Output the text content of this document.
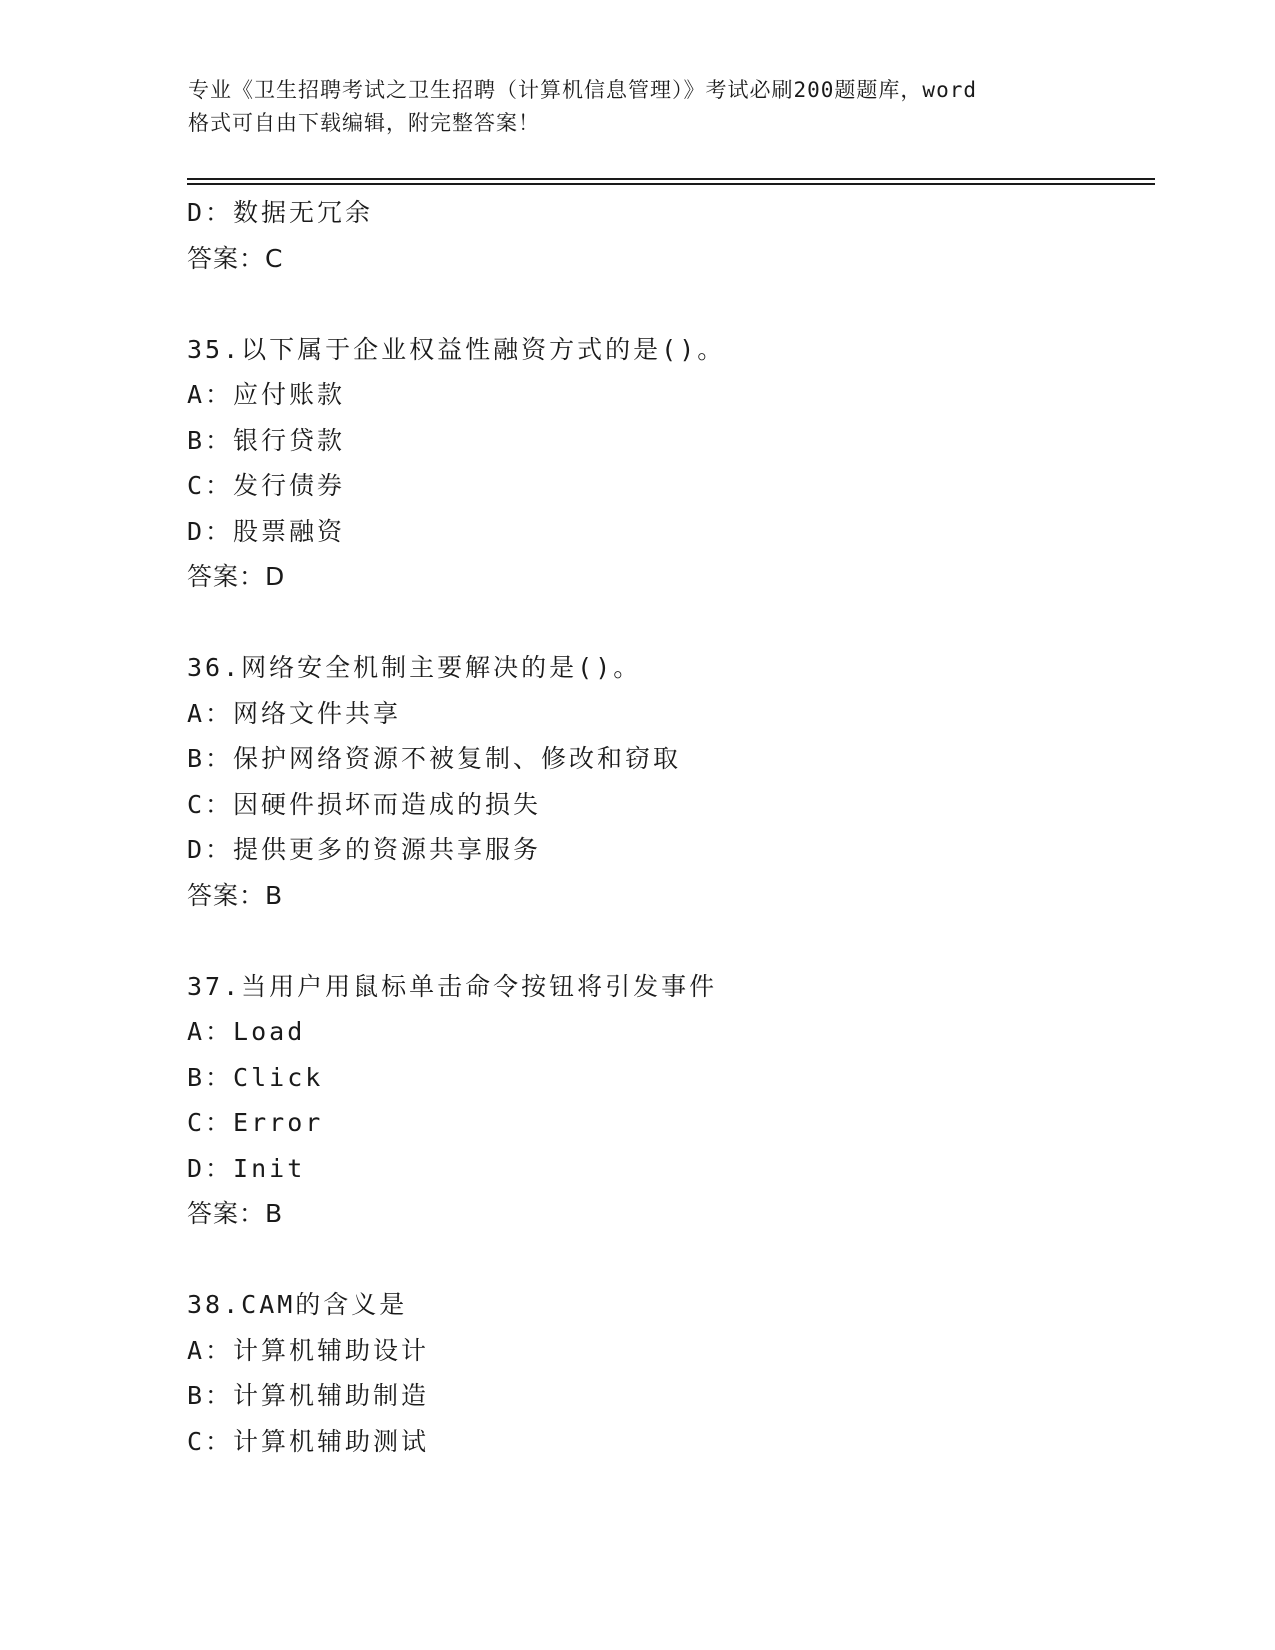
专业《卫生招聘考试之卫生招聘（计算机信息管理）》考试必刷200题题库，word
格式可自由下载编辑，附完整答案！
D：数据无冗余
答案：C
35.以下属于企业权益性融资方式的是()。
A：应付账款
B：银行贷款
C：发行债券
D：股票融资
答案：D
36.网络安全机制主要解决的是()。
A：网络文件共享
B：保护网络资源不被复制、修改和窃取
C：因硬件损坏而造成的损失
D：提供更多的资源共享服务
答案：B
37.当用户用鼠标单击命令按钮将引发事件
A：Load
B：Click
C：Error
D：Init
答案：B
38.CAM的含义是
A：计算机辅助设计
B：计算机辅助制造
C：计算机辅助测试
